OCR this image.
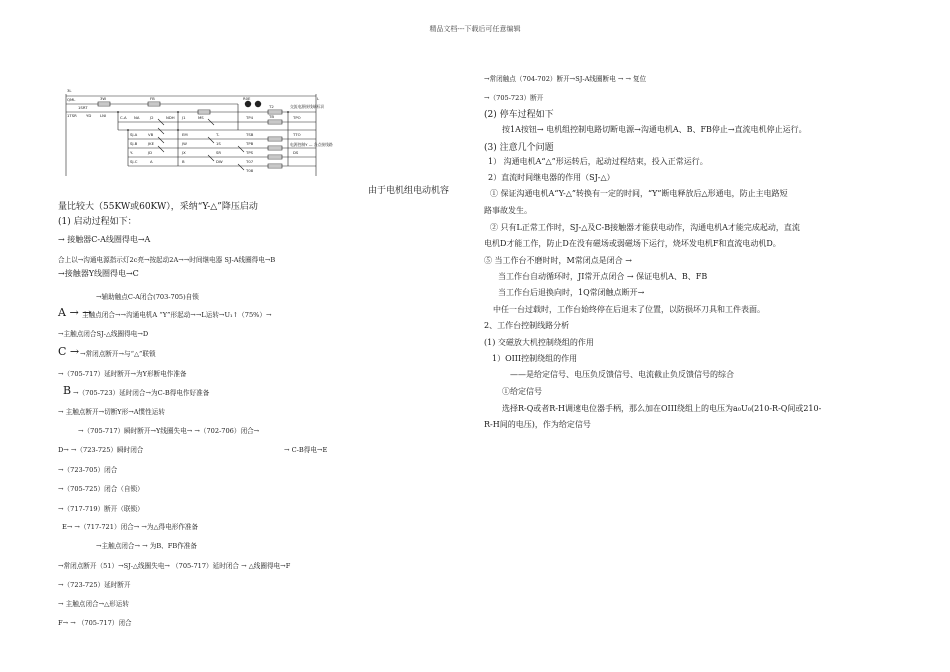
精品文档---下载后可任意编辑
3L
QML
1SRT
3W
1TSR YD LNI
FB
C-A NA	J2	NDH J1	MS
SJ-A
SJ-B
VB
JKE
EM
JW
JX
T-
R0E	L
T2
TP4
TSB
TPB
TB	TPO
1S
TTO
TPS
SR
DW
Y-
SJ-C
JD
A	B	T07
T08
DS
交流电源接线端标识
电源控制Y — 各点接线路
由于电机组电动机容
量比较大（55KW或60KW），采纳“Y-△”降压启动
(1) 启动过程如下：
→ 接触器C-A线圈得电→A
合上以→沟通电源指示灯2c亮→按起动2A→→时间继电器 SJ-A线圈得电→B
→接触器Y线圈得电→C
→辅助触点C-A闭合(703-705)自锁
A → →
主触点闭合→→沟通电机A “Y”形起动→→L运转→U₁↑（75%）→
→主触点闭合SJ-△线圈得电→D
C → →常闭点断开→与“△”联锁
→（705-717）延时断开→为Y形断电作准备
B →（705-723）延时闭合→为C-B得电作好准备
→ 主触点断开→切断Y形→A惯性运转
→（705-717）瞬时断开→Y线圈失电→ →（702-706）闭合→
D→ →（723-725）瞬时闭合	→ C-B得电→E
→（723-705）闭合
→（705-725）闭合（自锁）
→（717-719）断开（联锁）
E→ →（717-721）闭合→ →为△得电形作准备
→主触点闭合→ → 为B、FB作准备
→常闭点断开（51）→SJ-△线圈失电→ （705-717）延时闭合 → △线圈得电→F
→（723-725）延时断开
→ 主触点闭合→△形运转
F→ → （705-717）闭合
→常闭触点（704-702）断开→SJ-A线圈断电 → → 复位
→（705-723）断开
(2) 停车过程如下
按1A按钮→ 电机组控制电路切断电源→沟通电机A、B、FB停止→直流电机停止运行。
(3) 注意几个问题
1） 沟通电机A“△”形运转后，起动过程结束，投入正常运行。
2）直流时间继电器的作用（SJ-△）
① 保证沟通电机A“Y-△”转换有一定的时间，“Y”断电释放后△形通电，防止主电路短
路事故发生。
② 只有L正常工作时，SJ-△及C-B接触器才能获电动作，沟通电机A才能完成起动，直流
电机D才能工作，防止D在没有磁场或弱磁场下运行，烧坏发电机F和直流电动机D。
⑤ 当工作台不磨时时，M常闭点是闭合 →
当工作台自动循环时，JI常开点闭合 → 保证电机A、B、FB
当工作台后退换向时，1Q常闭触点断开→
中任一台过载时，工作台始终停在后退末了位置，以防损坏刀具和工件表面。
2、工作台控制线路分析
(1) 交磁放大机控制绕组的作用
1）OIII控制绕组的作用
——是给定信号、电压负反馈信号、电流截止负反馈信号的综合
①给定信号
选择R-Q或者R-H调速电位器手柄，那么加在OIII绕组上的电压为a₀U₀(210-R-Q间或210-
R-H间的电压)，作为给定信号
